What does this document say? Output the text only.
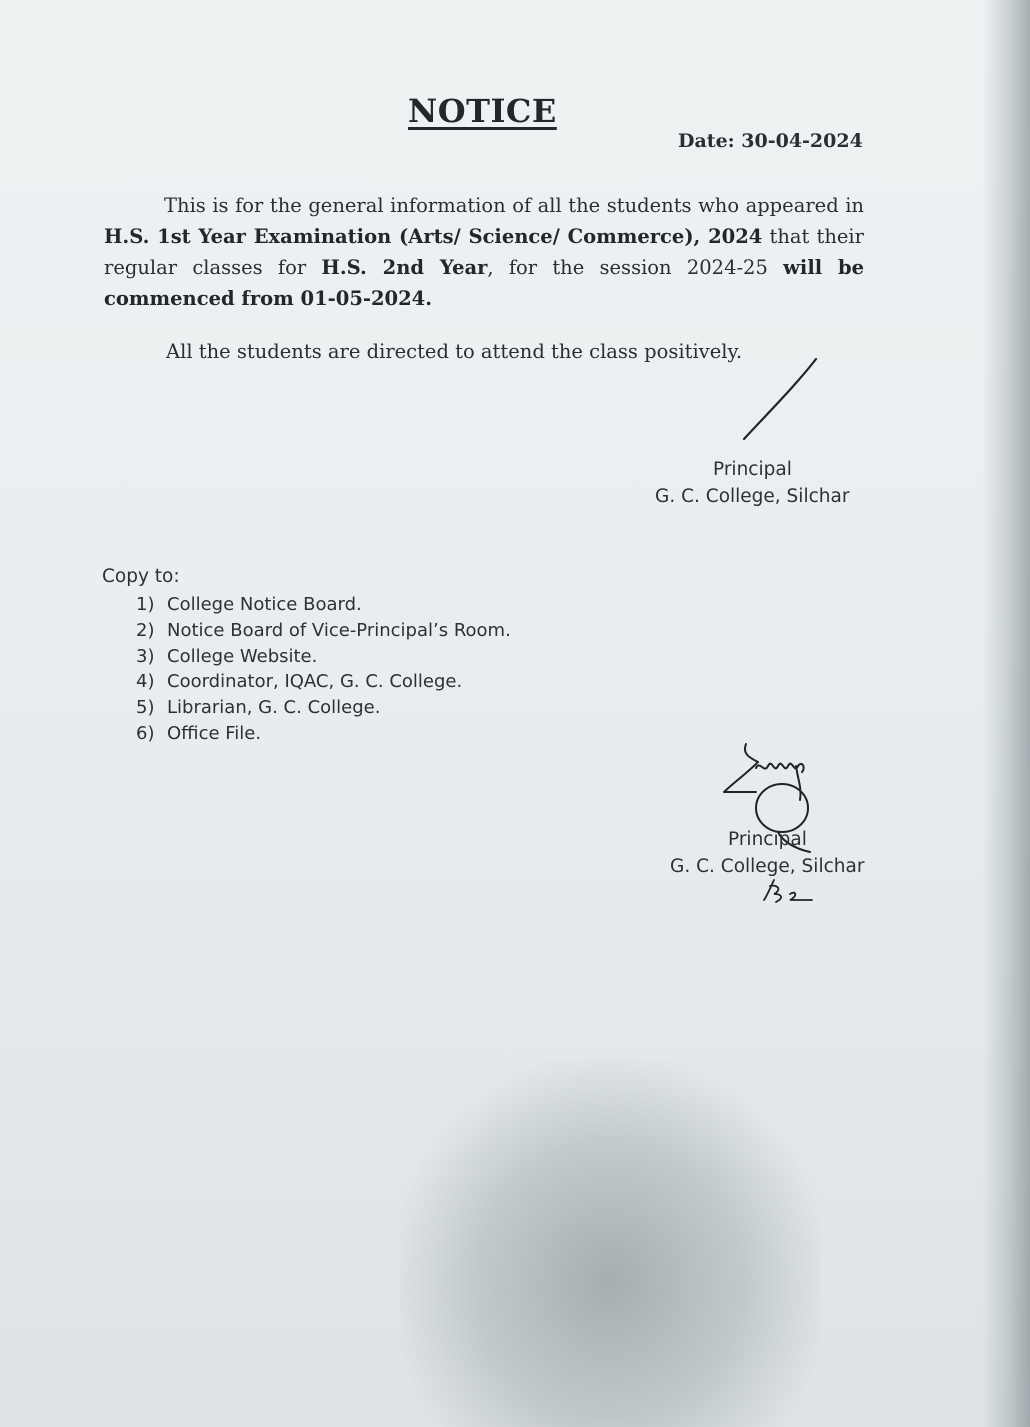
NOTICE
Date: 30-04-2024
This is for the general information of all the students who appeared in H.S. 1st Year Examination (Arts/ Science/ Commerce), 2024 that their regular classes for H.S. 2nd Year, for the session 2024-25 will be commenced from 01-05-2024.
All the students are directed to attend the class positively.
Principal
G. C. College, Silchar
Copy to:
1) College Notice Board.
2) Notice Board of Vice-Principal’s Room.
3) College Website.
4) Coordinator, IQAC, G. C. College.
5) Librarian, G. C. College.
6) Office File.
Principal
G. C. College, Silchar
